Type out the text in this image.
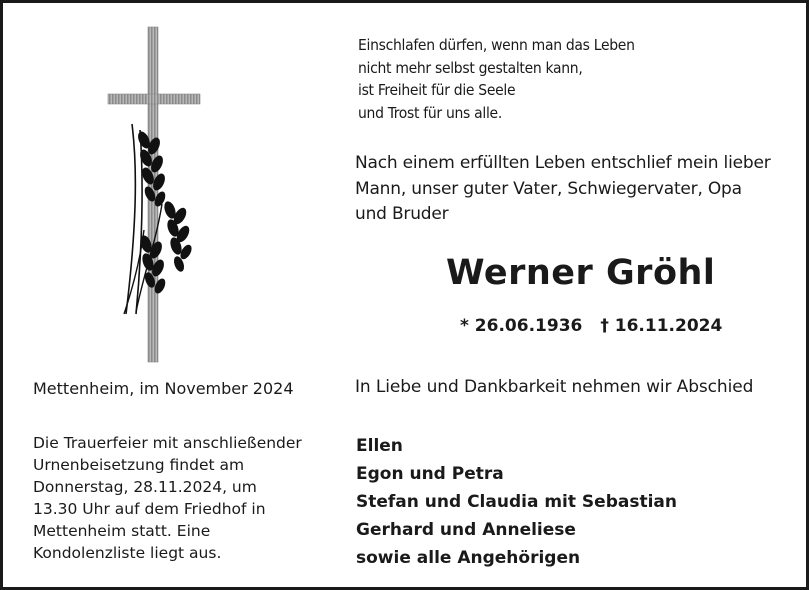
Einschlafen dürfen, wenn man das Leben
nicht mehr selbst gestalten kann,
ist Freiheit für die Seele
und Trost für uns alle.
Nach einem erfüllten Leben entschlief mein lieber
Mann, unser guter Vater, Schwiegervater, Opa
und Bruder
Werner Gröhl
* 26.06.1936 † 16.11.2024
Mettenheim, im November 2024	In Liebe und Dankbarkeit nehmen wir Abschied
Die Trauerfeier mit anschließender
Urnenbeisetzung findet am
Donnerstag, 28.11.2024, um
13.30 Uhr auf dem Friedhof in
Mettenheim statt. Eine
Kondolenzliste liegt aus.
Ellen
Egon und Petra
Stefan und Claudia mit Sebastian
Gerhard und Anneliese
sowie alle Angehörigen
